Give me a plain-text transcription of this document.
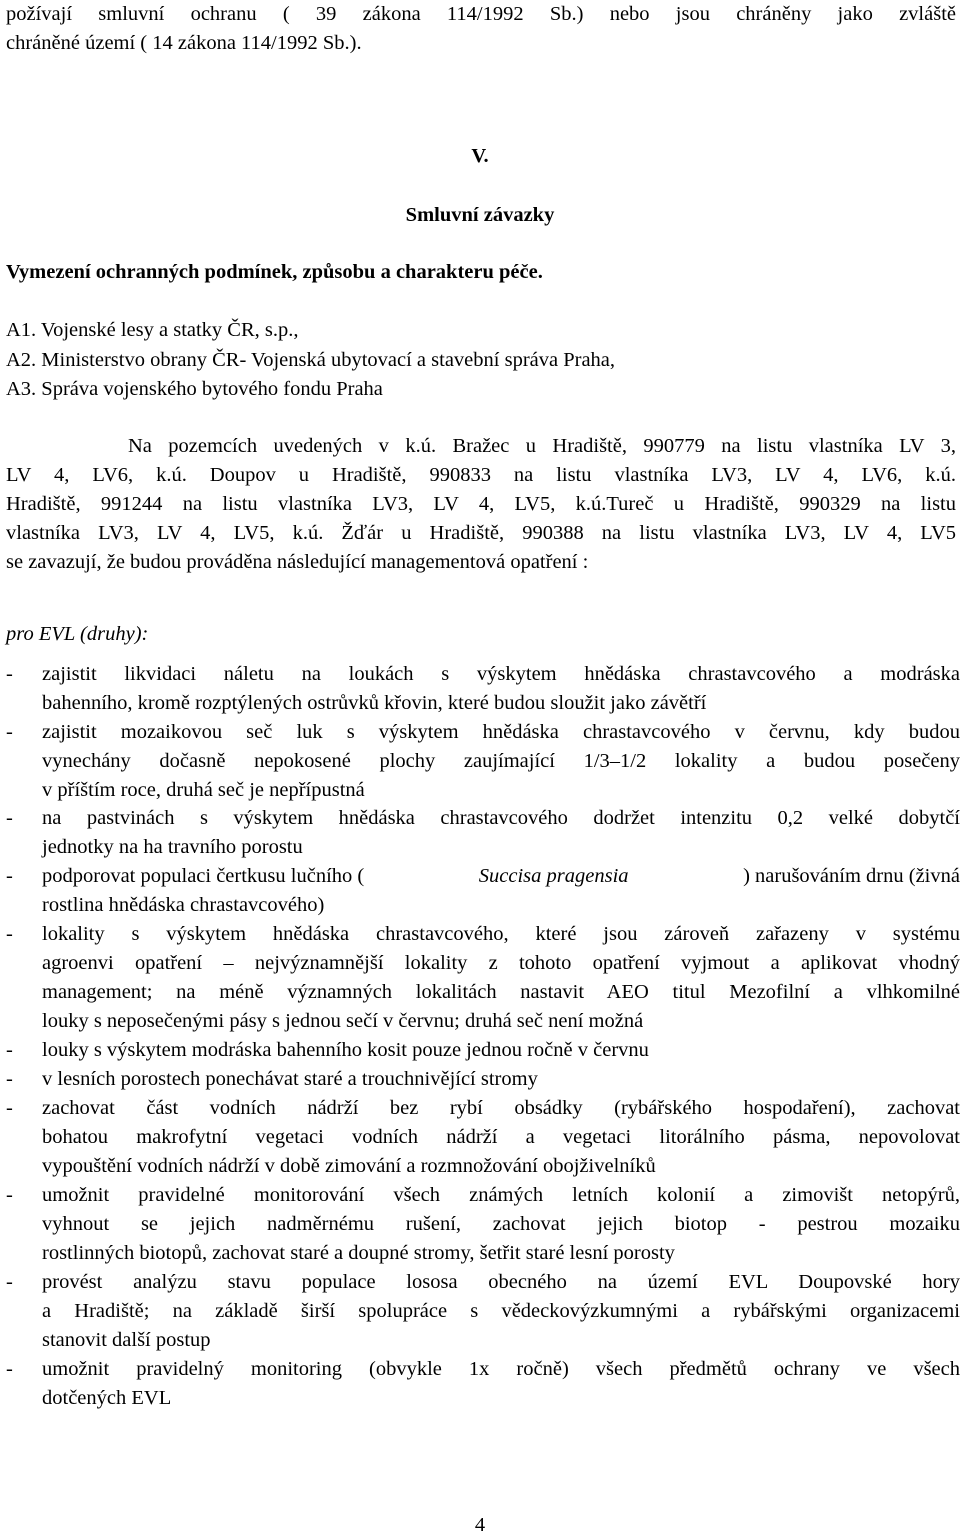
požívají smluvní ochranu ( 39 zákona 114/1992 Sb.) nebo jsou chráněny jako zvláště
chráněné území ( 14 zákona 114/1992 Sb.).
V.
Smluvní závazky
Vymezení ochranných podmínek, způsobu a charakteru péče.
A1. Vojenské lesy a statky ČR, s.p.,
A2. Ministerstvo obrany ČR- Vojenská ubytovací a stavební správa Praha,
A3. Správa vojenského bytového fondu Praha
Na pozemcích uvedených v k.ú. Bražec u Hradiště, 990779 na listu vlastníka LV 3,
LV 4, LV6, k.ú. Doupov u Hradiště, 990833 na listu vlastníka LV3, LV 4, LV6, k.ú.
Hradiště, 991244 na listu vlastníka LV3, LV 4, LV5, k.ú.Tureč u Hradiště, 990329 na listu
vlastníka LV3, LV 4, LV5, k.ú. Žďár u Hradiště, 990388 na listu vlastníka LV3, LV 4, LV5
se zavazují, že budou prováděna následující managementová opatření :
pro EVL (druhy):
- zajistit likvidaci náletu na loukách s výskytem hnědáska chrastavcového a modráska
bahenního, kromě rozptýlených ostrůvků křovin, které budou sloužit jako závětří
- zajistit mozaikovou seč luk s výskytem hnědáska chrastavcového v červnu, kdy budou
vynechány dočasně nepokosené plochy zaujímající 1/3–1/2 lokality a budou posečeny
v příštím roce, druhá seč je nepřípustná
- na pastvinách s výskytem hnědáska chrastavcového dodržet intenzitu 0,2 velké dobytčí
jednotky na ha travního porostu
- podporovat populaci čertkusu lučního (	Succisa pragensia	) narušováním drnu (živná
rostlina hnědáska chrastavcového)
- lokality s výskytem hnědáska chrastavcového, které jsou zároveň zařazeny v systému
agroenvi opatření – nejvýznamnější lokality z tohoto opatření vyjmout a aplikovat vhodný
management; na méně významných lokalitách nastavit AEO titul Mezofilní a vlhkomilné
louky s neposečenými pásy s jednou sečí v červnu; druhá seč není možná
- louky s výskytem modráska bahenního kosit pouze jednou ročně v červnu
- v lesních porostech ponechávat staré a trouchnivějící stromy
- zachovat část vodních nádrží bez rybí obsádky (rybářského hospodaření), zachovat
bohatou makrofytní vegetaci vodních nádrží a vegetaci litorálního pásma, nepovolovat
vypouštění vodních nádrží v době zimování a rozmnožování obojživelníků
- umožnit pravidelné monitorování všech známých letních kolonií a zimovišt netopýrů,
vyhnout se jejich nadměrnému rušení, zachovat jejich biotop - pestrou mozaiku
rostlinných biotopů, zachovat staré a doupné stromy, šetřit staré lesní porosty
- provést analýzu stavu populace lososa obecného na území EVL Doupovské hory
a Hradiště; na základě širší spolupráce s vědeckovýzkumnými a rybářskými organizacemi
stanovit další postup
- umožnit pravidelný monitoring (obvykle 1x ročně) všech předmětů ochrany ve všech
dotčených EVL
4
